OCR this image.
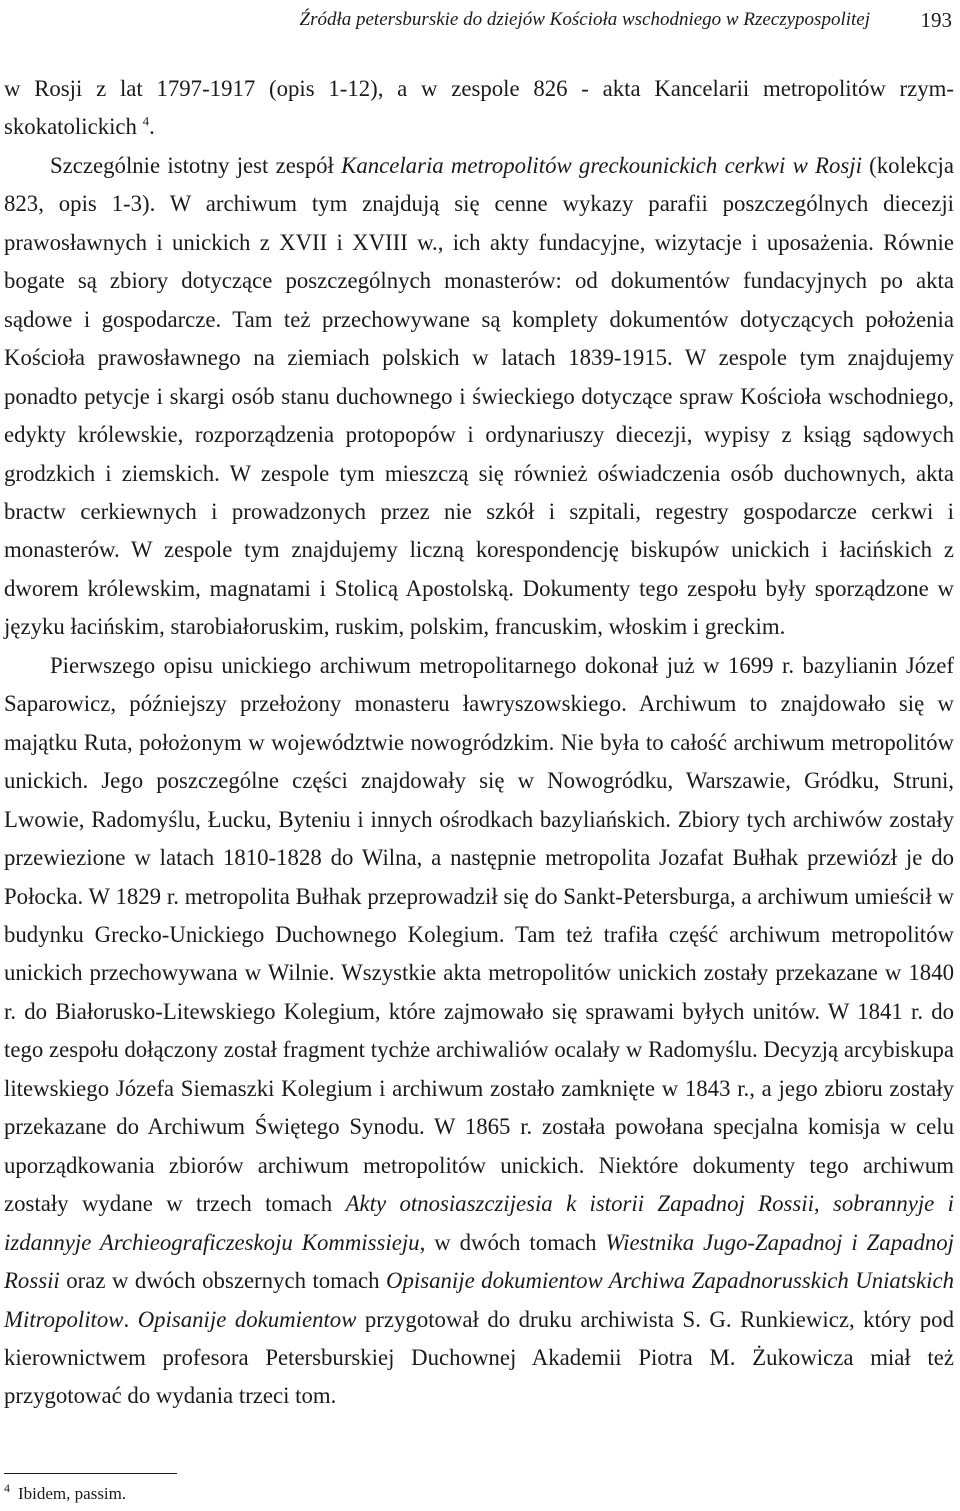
Źródła petersburskie do dziejów Kościoła wschodniego w Rzeczypospolitej 193

w Rosji z lat 1797-1917 (opis 1-12), a w zespole 826 - akta Kancelarii metropolitów rzymskokatolickich $^4$.

Szczególnie istotny jest zespół Kancelaria metropolitów greckounickich cerkwi w Rosji (kolekcja 823, opis 1-3). W archiwum tym znajdują się cenne wykazy parafii poszczególnych diecezji prawosławnych i unickich z XVII i XVIII w., ich akty fundacyjne, wizytacje i uposażenia. Równie bogate są zbiory dotyczące poszczególnych monasterów: od dokumentów fundacyjnych po akta sądowe i gospodarcze. Tam też przechowywane są komplety dokumentów dotyczących położenia Kościoła prawosławnego na ziemiach polskich w latach 1839-1915. W zespole tym znajdujemy ponadto petycje i skargi osób stanu duchownego i świeckiego dotyczące spraw Kościoła wschodniego, edykty królewskie, rozporządzenia protopopów i ordynariuszy diecezji, wypisy z ksiąg sądowych grodzkich i ziemskich. W zespole tym mieszczą się również oświadczenia osób duchownych, akta bractw cerkiewnych i prowadzonych przez nie szkół i szpitali, regestry gospodarcze cerkwi i monasterów. W zespole tym znajdujemy liczną korespondencję biskupów unickich i łacińskich z dworem królewskim, magnatami i Stolicą Apostolską. Dokumenty tego zespołu były sporządzone w języku łacińskim, starobiałoruskim, ruskim, polskim, francuskim, włoskim i greckim.

Pierwszego opisu unickiego archiwum metropolitarnego dokonał już w 1699 r. bazylianin Józef Saparowicz, późniejszy przełożony monasteru ławryszowskiego. Archiwum to znajdowało się w majątku Ruta, położonym w województwie nowogródzkim. Nie była to całość archiwum metropolitów unickich. Jego poszczególne części znajdowały się w Nowogródku, Warszawie, Gródku, Struni, Lwowie, Radomyślu, Łucku, Byteniu i innych ośrodkach bazyliańskich. Zbiory tych archiwów zostały przewiezione w latach 1810-1828 do Wilna, a następnie metropolita Jozafat Bułhak przewiózł je do Połocka. W 1829 r. metropolita Bułhak przeprowadził się do Sankt-Petersburga, a archiwum umieścił w budynku Grecko-Unickiego Duchownego Kolegium. Tam też trafiła część archiwum metropolitów unickich przechowywana w Wilnie. Wszystkie akta metropolitów unickich zostały przekazane w 1840 r. do Białorusko-Litewskiego Kolegium, które zajmowało się sprawami byłych unitów. W 1841 r. do tego zespołu dołączony został fragment tychże archiwaliów ocalały w Radomyślu. Decyzją arcybiskupa litewskiego Józefa Siemaszki Kolegium i archiwum zostało zamknięte w 1843 r., a jego zbioru zostały przekazane do Archiwum Świętego Synodu. W 1865 r. została powołana specjalna komisja w celu uporządkowania zbiorów archiwum metropolitów unickich. Niektóre dokumenty tego archiwum zostały wydane w trzech tomach Akty otnosiaszczijesia k istorii Zapadnoj Rossii, sobrannyje i izdannyje Archieograficzeskoju Kommissieju, w dwóch tomach Wiestnika Jugo-Zapadnoj i Zapadnoj Rossii oraz w dwóch obszernych tomach Opisanije dokumientow Archiwa Zapadnorusskich Uniatskich Mitropolitow. Opisanije dokumientow przygotował do druku archiwista S. G. Runkiewicz, który pod kierownictwem profesora Petersburskiej Duchownej Akademii Piotra M. Żukowicza miał też przygotować do wydania trzeci tom.

$^4$ Ibidem, passim.
